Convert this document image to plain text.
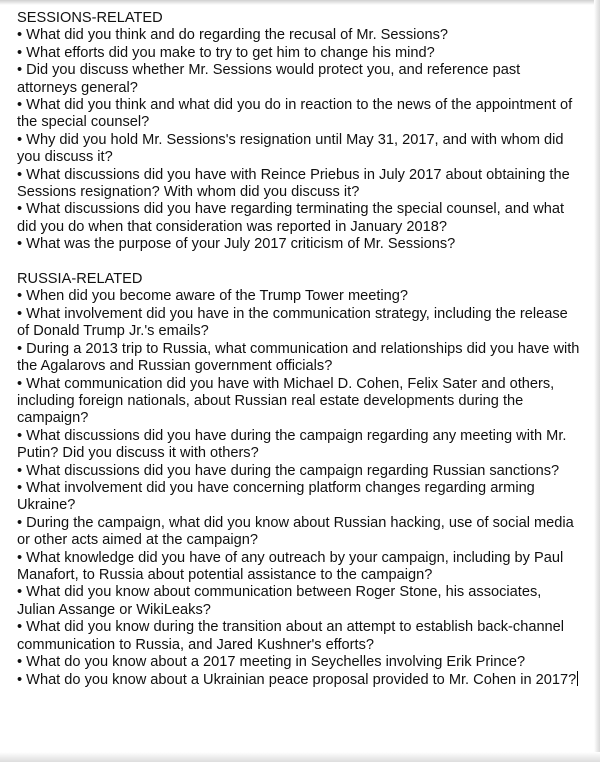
SESSIONS-RELATED
• What did you think and do regarding the recusal of Mr. Sessions?
• What efforts did you make to try to get him to change his mind?
• Did you discuss whether Mr. Sessions would protect you, and reference past attorneys general?
• What did you think and what did you do in reaction to the news of the appointment of the special counsel?
• Why did you hold Mr. Sessions's resignation until May 31, 2017, and with whom did you discuss it?
• What discussions did you have with Reince Priebus in July 2017 about obtaining the Sessions resignation? With whom did you discuss it?
• What discussions did you have regarding terminating the special counsel, and what did you do when that consideration was reported in January 2018?
• What was the purpose of your July 2017 criticism of Mr. Sessions?
RUSSIA-RELATED
• When did you become aware of the Trump Tower meeting?
• What involvement did you have in the communication strategy, including the release of Donald Trump Jr.'s emails?
• During a 2013 trip to Russia, what communication and relationships did you have with the Agalarovs and Russian government officials?
• What communication did you have with Michael D. Cohen, Felix Sater and others, including foreign nationals, about Russian real estate developments during the campaign?
• What discussions did you have during the campaign regarding any meeting with Mr. Putin? Did you discuss it with others?
• What discussions did you have during the campaign regarding Russian sanctions?
• What involvement did you have concerning platform changes regarding arming Ukraine?
• During the campaign, what did you know about Russian hacking, use of social media or other acts aimed at the campaign?
• What knowledge did you have of any outreach by your campaign, including by Paul Manafort, to Russia about potential assistance to the campaign?
• What did you know about communication between Roger Stone, his associates, Julian Assange or WikiLeaks?
• What did you know during the transition about an attempt to establish back-channel communication to Russia, and Jared Kushner's efforts?
• What do you know about a 2017 meeting in Seychelles involving Erik Prince?
• What do you know about a Ukrainian peace proposal provided to Mr. Cohen in 2017?
